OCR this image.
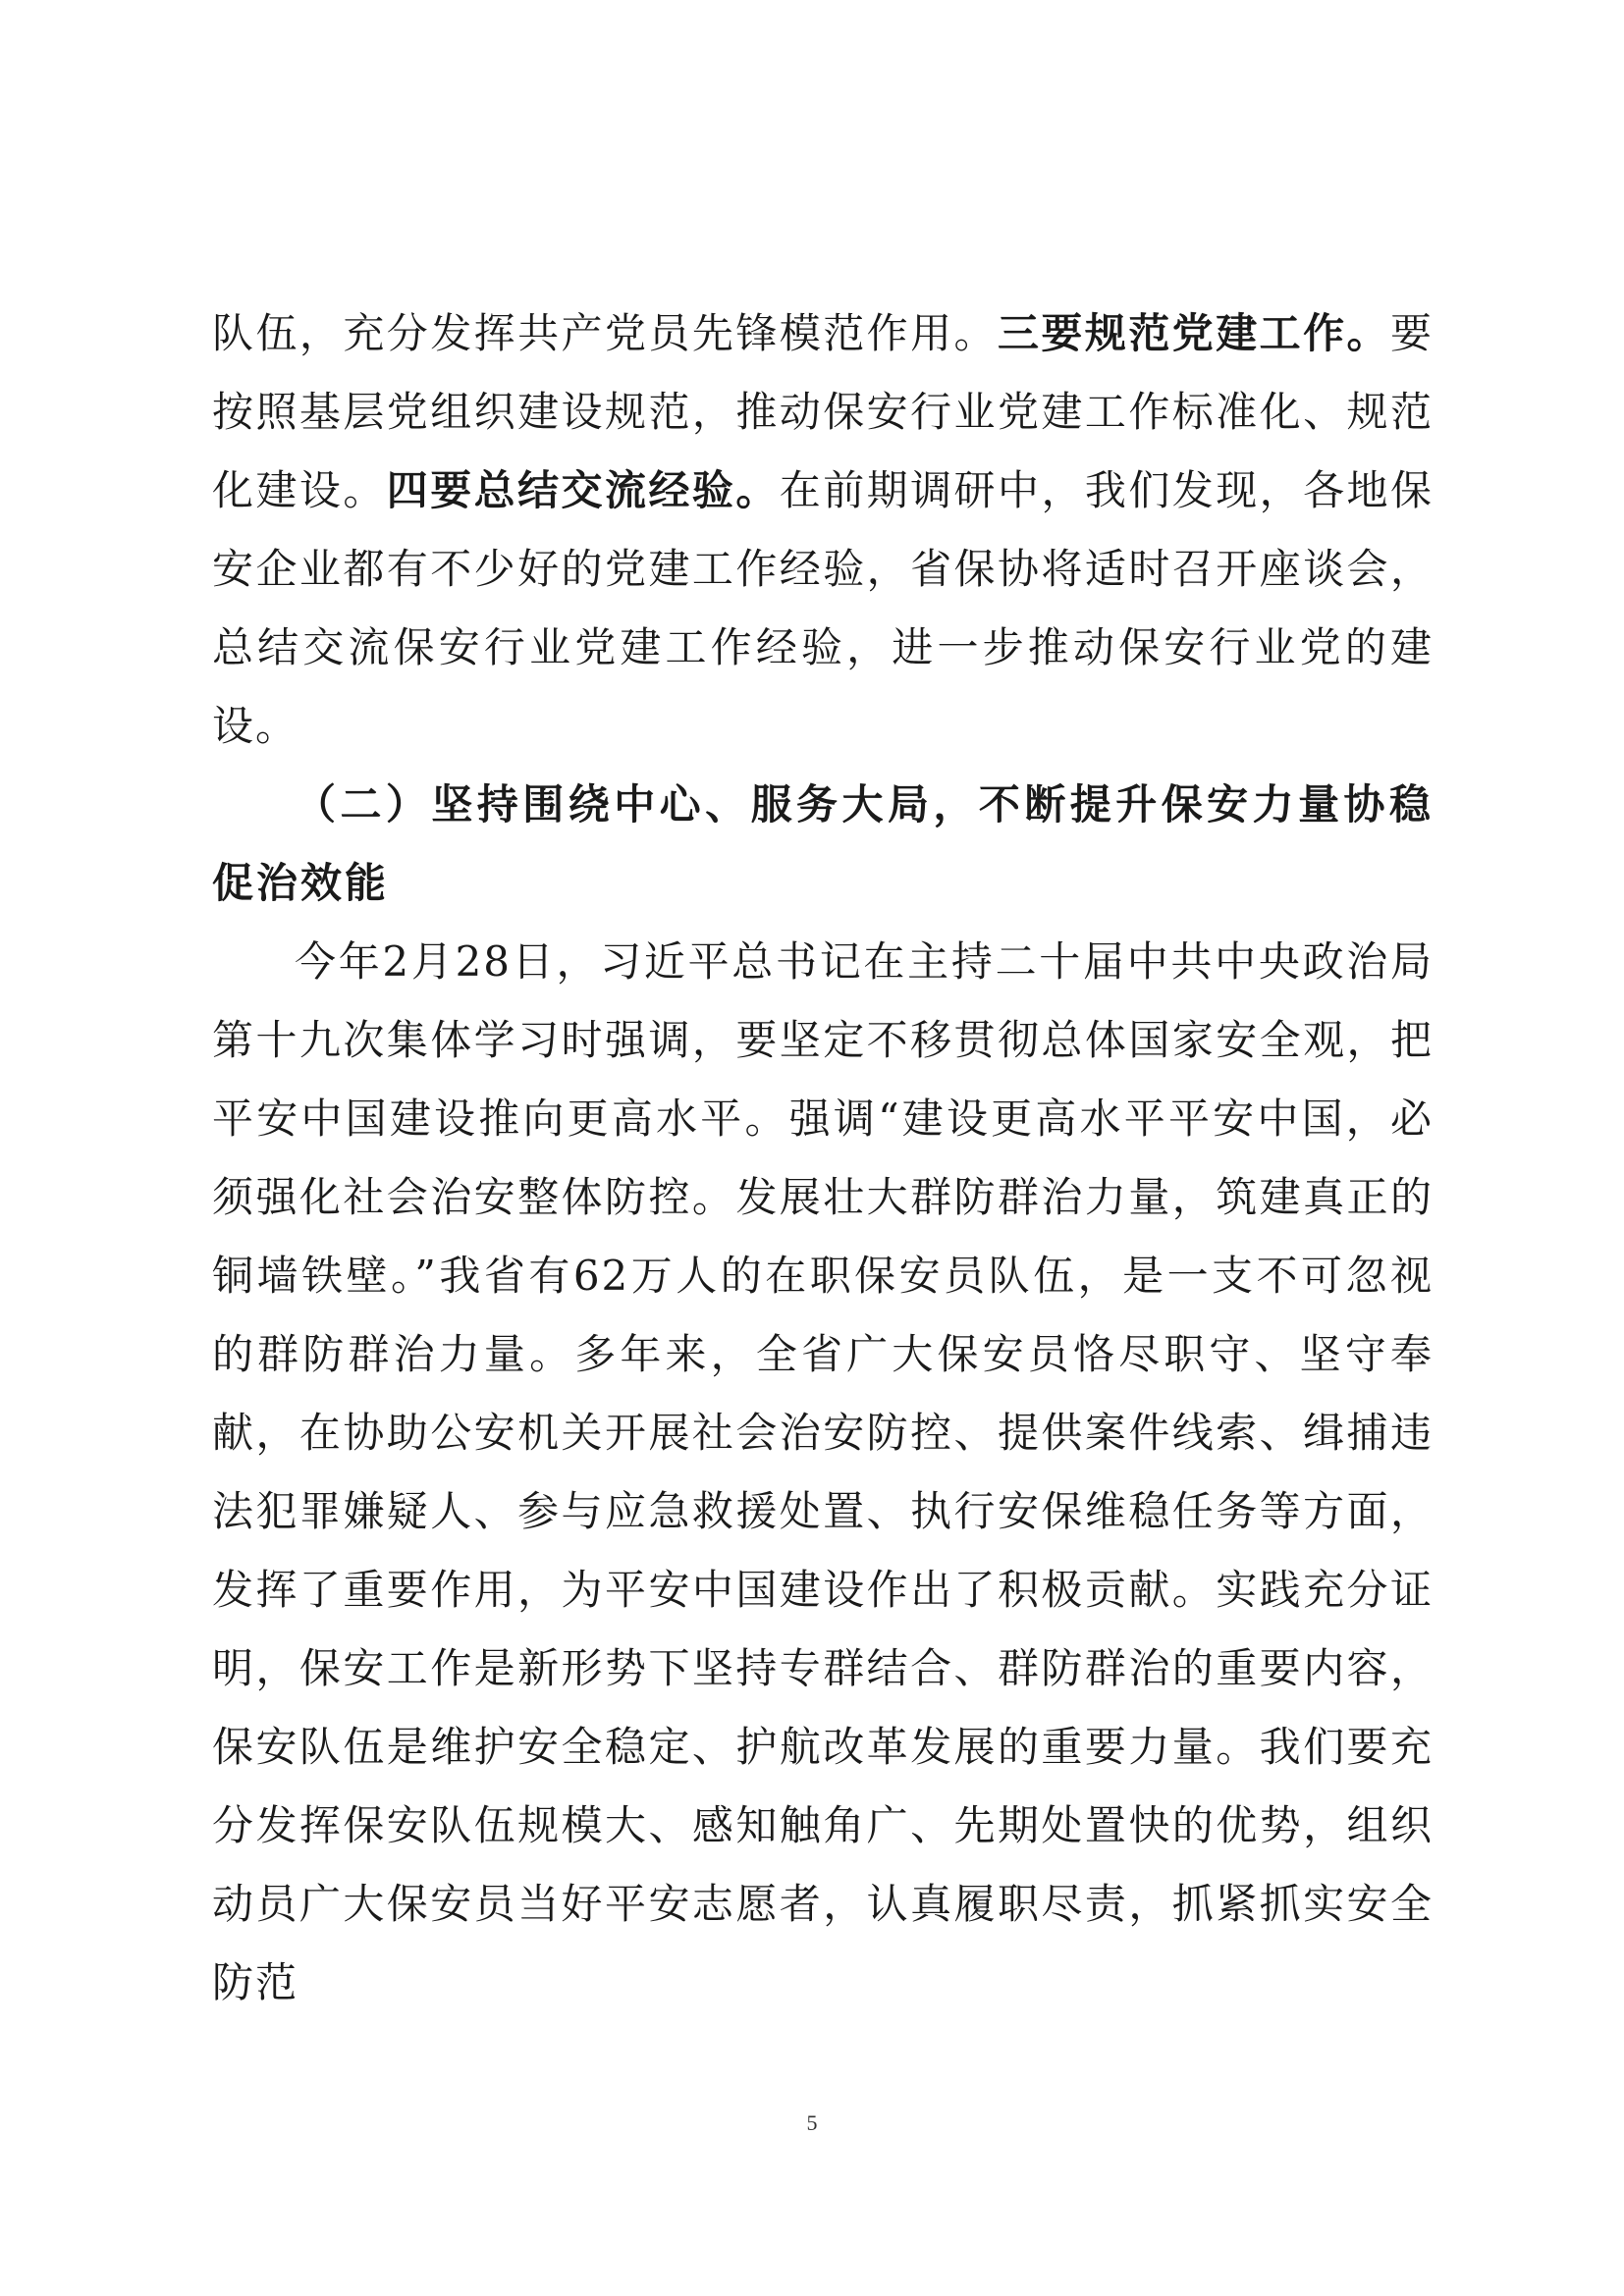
队伍，充分发挥共产党员先锋模范作用。三要规范党建工作。要按照基层党组织建设规范，推动保安行业党建工作标准化、规范化建设。四要总结交流经验。在前期调研中，我们发现，各地保安企业都有不少好的党建工作经验，省保协将适时召开座谈会，总结交流保安行业党建工作经验，进一步推动保安行业党的建设。

（二）坚持围绕中心、服务大局，不断提升保安力量协稳促治效能

今年2月28日，习近平总书记在主持二十届中共中央政治局第十九次集体学习时强调，要坚定不移贯彻总体国家安全观，把平安中国建设推向更高水平。强调“建设更高水平平安中国，必须强化社会治安整体防控。发展壮大群防群治力量，筑建真正的铜墙铁壁。”我省有62万人的在职保安员队伍，是一支不可忽视的群防群治力量。多年来，全省广大保安员恪尽职守、坚守奉献，在协助公安机关开展社会治安防控、提供案件线索、缉捕违法犯罪嫌疑人、参与应急救援处置、执行安保维稳任务等方面，发挥了重要作用，为平安中国建设作出了积极贡献。实践充分证明，保安工作是新形势下坚持专群结合、群防群治的重要内容，保安队伍是维护安全稳定、护航改革发展的重要力量。我们要充分发挥保安队伍规模大、感知触角广、先期处置快的优势，组织动员广大保安员当好平安志愿者，认真履职尽责，抓紧抓实安全防范

5
